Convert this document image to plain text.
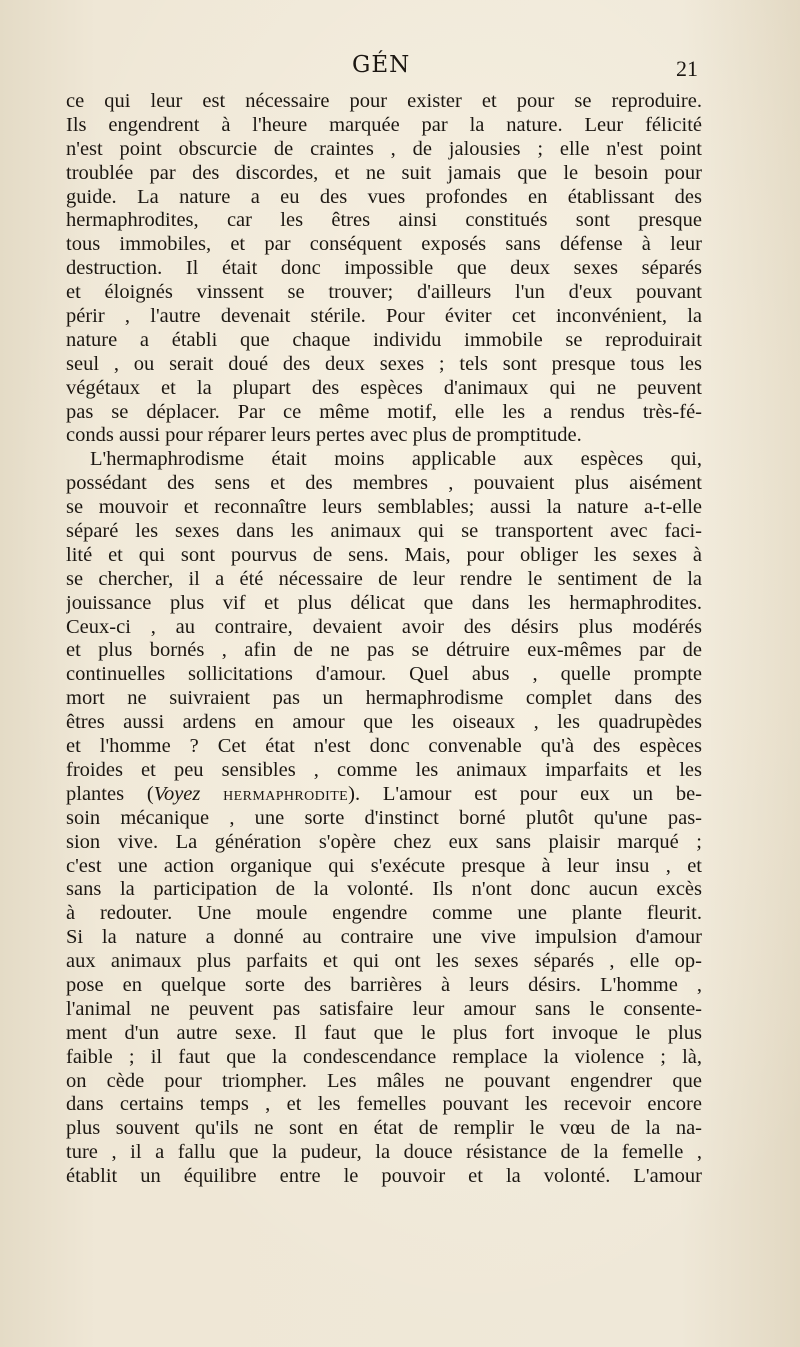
GÉN	21
ce qui leur est nécessaire pour exister et pour se reproduire.
Ils engendrent à l'heure marquée par la nature. Leur félicité
n'est point obscurcie de craintes , de jalousies ; elle n'est point
troublée par des discordes, et ne suit jamais que le besoin pour
guide. La nature a eu des vues profondes en établissant des
hermaphrodites, car les êtres ainsi constitués sont presque
tous immobiles, et par conséquent exposés sans défense à leur
destruction. Il était donc impossible que deux sexes séparés
et éloignés vinssent se trouver; d'ailleurs l'un d'eux pouvant
périr , l'autre devenait stérile. Pour éviter cet inconvénient, la
nature a établi que chaque individu immobile se reproduirait
seul , ou serait doué des deux sexes ; tels sont presque tous les
végétaux et la plupart des espèces d'animaux qui ne peuvent
pas se déplacer. Par ce même motif, elle les a rendus très-fé-
conds aussi pour réparer leurs pertes avec plus de promptitude.
L'hermaphrodisme était moins applicable aux espèces qui,
possédant des sens et des membres , pouvaient plus aisément
se mouvoir et reconnaître leurs semblables; aussi la nature a-t-elle
séparé les sexes dans les animaux qui se transportent avec faci-
lité et qui sont pourvus de sens. Mais, pour obliger les sexes à
se chercher, il a été nécessaire de leur rendre le sentiment de la
jouissance plus vif et plus délicat que dans les hermaphrodites.
Ceux-ci , au contraire, devaient avoir des désirs plus modérés
et plus bornés , afin de ne pas se détruire eux-mêmes par de
continuelles sollicitations d'amour. Quel abus , quelle prompte
mort ne suivraient pas un hermaphrodisme complet dans des
êtres aussi ardens en amour que les oiseaux , les quadrupèdes
et l'homme ? Cet état n'est donc convenable qu'à des espèces
froides et peu sensibles , comme les animaux imparfaits et les
plantes (Voyez HERMAPHRODITE). L'amour est pour eux un be-
soin mécanique , une sorte d'instinct borné plutôt qu'une pas-
sion vive. La génération s'opère chez eux sans plaisir marqué ;
c'est une action organique qui s'exécute presque à leur insu , et
sans la participation de la volonté. Ils n'ont donc aucun excès
à redouter. Une moule engendre comme une plante fleurit.
Si la nature a donné au contraire une vive impulsion d'amour
aux animaux plus parfaits et qui ont les sexes séparés , elle op-
pose en quelque sorte des barrières à leurs désirs. L'homme ,
l'animal ne peuvent pas satisfaire leur amour sans le consente-
ment d'un autre sexe. Il faut que le plus fort invoque le plus
faible ; il faut que la condescendance remplace la violence ; là,
on cède pour triompher. Les mâles ne pouvant engendrer que
dans certains temps , et les femelles pouvant les recevoir encore
plus souvent qu'ils ne sont en état de remplir le vœu de la na-
ture , il a fallu que la pudeur, la douce résistance de la femelle ,
établit un équilibre entre le pouvoir et la volonté. L'amour
